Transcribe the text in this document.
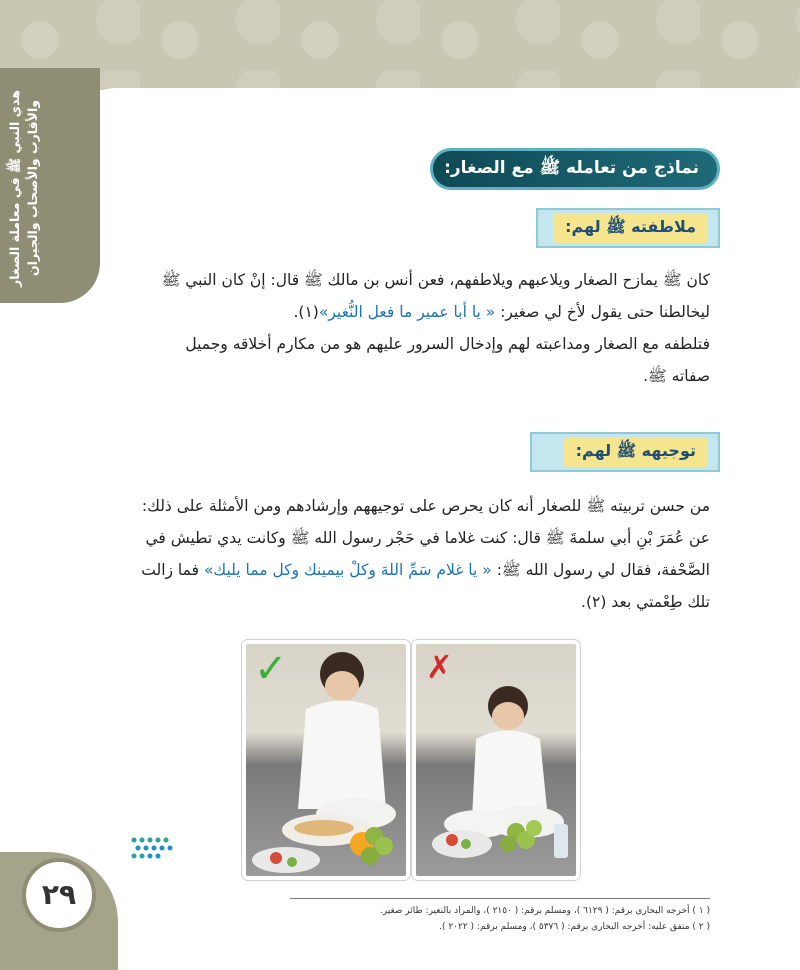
هدي النبي ﷺ في معاملة الصغار والأقارب والأصحاب والجيران	نماذج من تعامله ﷺ مع الصغار:
ملاطفته ﷺ لهم:
كان ﷺ يمازح الصغار ويلاعبهم ويلاطفهم، فعن أنس بن مالك ﷺ قال: إنْ كان النبي ﷺ
ليخالطنا حتى يقول لأخ لي صغير: « يا أبا عمير ما فعل النُّغير»(١).
فتلطفه مع الصغار ومداعبته لهم وإدخال السرور عليهم هو من مكارم أخلاقه وجميل
صفاته ﷺ.
توجيهه ﷺ لهم:
من حسن تربيته ﷺ للصغار أنه كان يحرص على توجيههم وإرشادهم ومن الأمثلة على ذلك:
عن عُمَرَ بْنِ أبي سلمةَ ﷺ قال: كنت غلاما في حَجْر رسول الله ﷺ وكانت يدي تطيش في
الصَّحْفة، فقال لي رسول الله ﷺ: « يا غلام سَمِّ اللهَ وكلْ بيمينك وكل مما يليك» فما زالت
تلك طِعْمتي بعد (٢).
✗
✓
٢٩	( ١ ) أخرجه البخاري برقم: ( ٦١٢٩ )، ومسلم برقم: ( ٢١٥٠ )، والمراد بالنغير: طائر صغير.
( ٢ ) متفق عليه: أخرجه البخاري برقم: ( ٥٣٧٦ )، ومسلم برقم: ( ٢٠٢٢ ).
